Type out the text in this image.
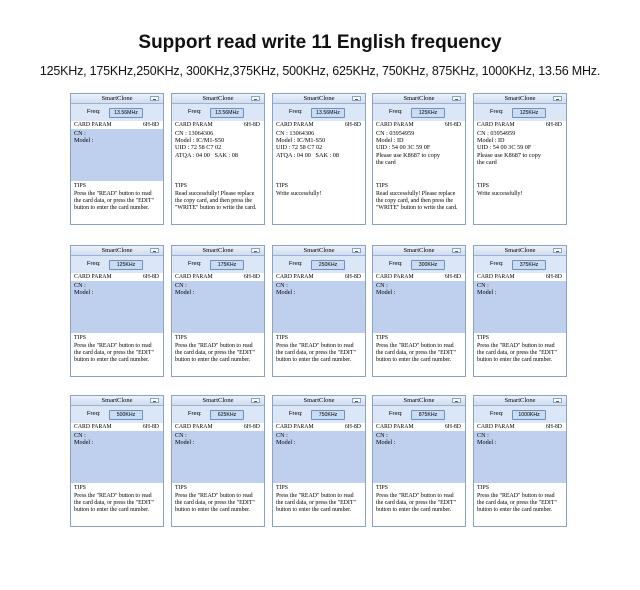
Support read write 11 English frequency
125KHz, 175KHz,250KHz, 300KHz,375KHz, 500KHz, 625KHz, 750KHz, 875KHz, 1000KHz, 13.56 MHz.
SmartClone
Freq:	13.56MHz
CARD PARAM	6H-8D
CN :
Model :
TIPS
Press the "READ" button to read the card data, or press the "EDIT" button to enter the card number.
SmartClone
Freq:	13.56MHz
CARD PARAM	6H-8D
CN : 13064306
Model : IC/M1-S50
UID : 72 58 C7 02
ATQA : 04 00   SAK : 08
TIPS
Read successfully! Please replace the copy card, and then press the "WRITE" button to write the card.
SmartClone
Freq:	13.56MHz
CARD PARAM	6H-8D
CN : 13064306
Model : IC/M1-S50
UID : 72 58 C7 02
ATQA : 04 00   SAK : 08
TIPS
Write successfully!
SmartClone
Freq:	125KHz
CARD PARAM	6H-8D
CN : 03954959
Model : ID
UID : 54 00 3C 59 0F
Please use K8687 to copy
the card
TIPS
Read successfully! Please replace the copy card, and then press the "WRITE" button to write the card.
SmartClone
Freq:	125KHz
CARD PARAM	6H-8D
CN : 03954959
Model : ID
UID : 54 00 3C 59 0F
Please use K8687 to copy
the card
TIPS
Write successfully!
SmartClone
Freq:	125KHz
CARD PARAM	6H-8D
CN :
Model :
TIPS
Press the "READ" button to read the card data, or press the "EDIT" button to enter the card number.
SmartClone
Freq:	175KHz
CARD PARAM	6H-8D
CN :
Model :
TIPS
Press the "READ" button to read the card data, or press the "EDIT" button to enter the card number.
SmartClone
Freq:	250KHz
CARD PARAM	6H-8D
CN :
Model :
TIPS
Press the "READ" button to read the card data, or press the "EDIT" button to enter the card number.
SmartClone
Freq:	300KHz
CARD PARAM	6H-8D
CN :
Model :
TIPS
Press the "READ" button to read the card data, or press the "EDIT" button to enter the card number.
SmartClone
Freq:	375KHz
CARD PARAM	6H-8D
CN :
Model :
TIPS
Press the "READ" button to read the card data, or press the "EDIT" button to enter the card number.
SmartClone
Freq:	500KHz
CARD PARAM	6H-8D
CN :
Model :
TIPS
Press the "READ" button to read the card data, or press the "EDIT" button to enter the card number.
SmartClone
Freq:	625KHz
CARD PARAM	6H-8D
CN :
Model :
TIPS
Press the "READ" button to read the card data, or press the "EDIT" button to enter the card number.
SmartClone
Freq:	750KHz
CARD PARAM	6H-8D
CN :
Model :
TIPS
Press the "READ" button to read the card data, or press the "EDIT" button to enter the card number.
SmartClone
Freq:	875KHz
CARD PARAM	6H-8D
CN :
Model :
TIPS
Press the "READ" button to read the card data, or press the "EDIT" button to enter the card number.
SmartClone
Freq:	1000KHz
CARD PARAM	6H-8D
CN :
Model :
TIPS
Press the "READ" button to read the card data, or press the "EDIT" button to enter the card number.
